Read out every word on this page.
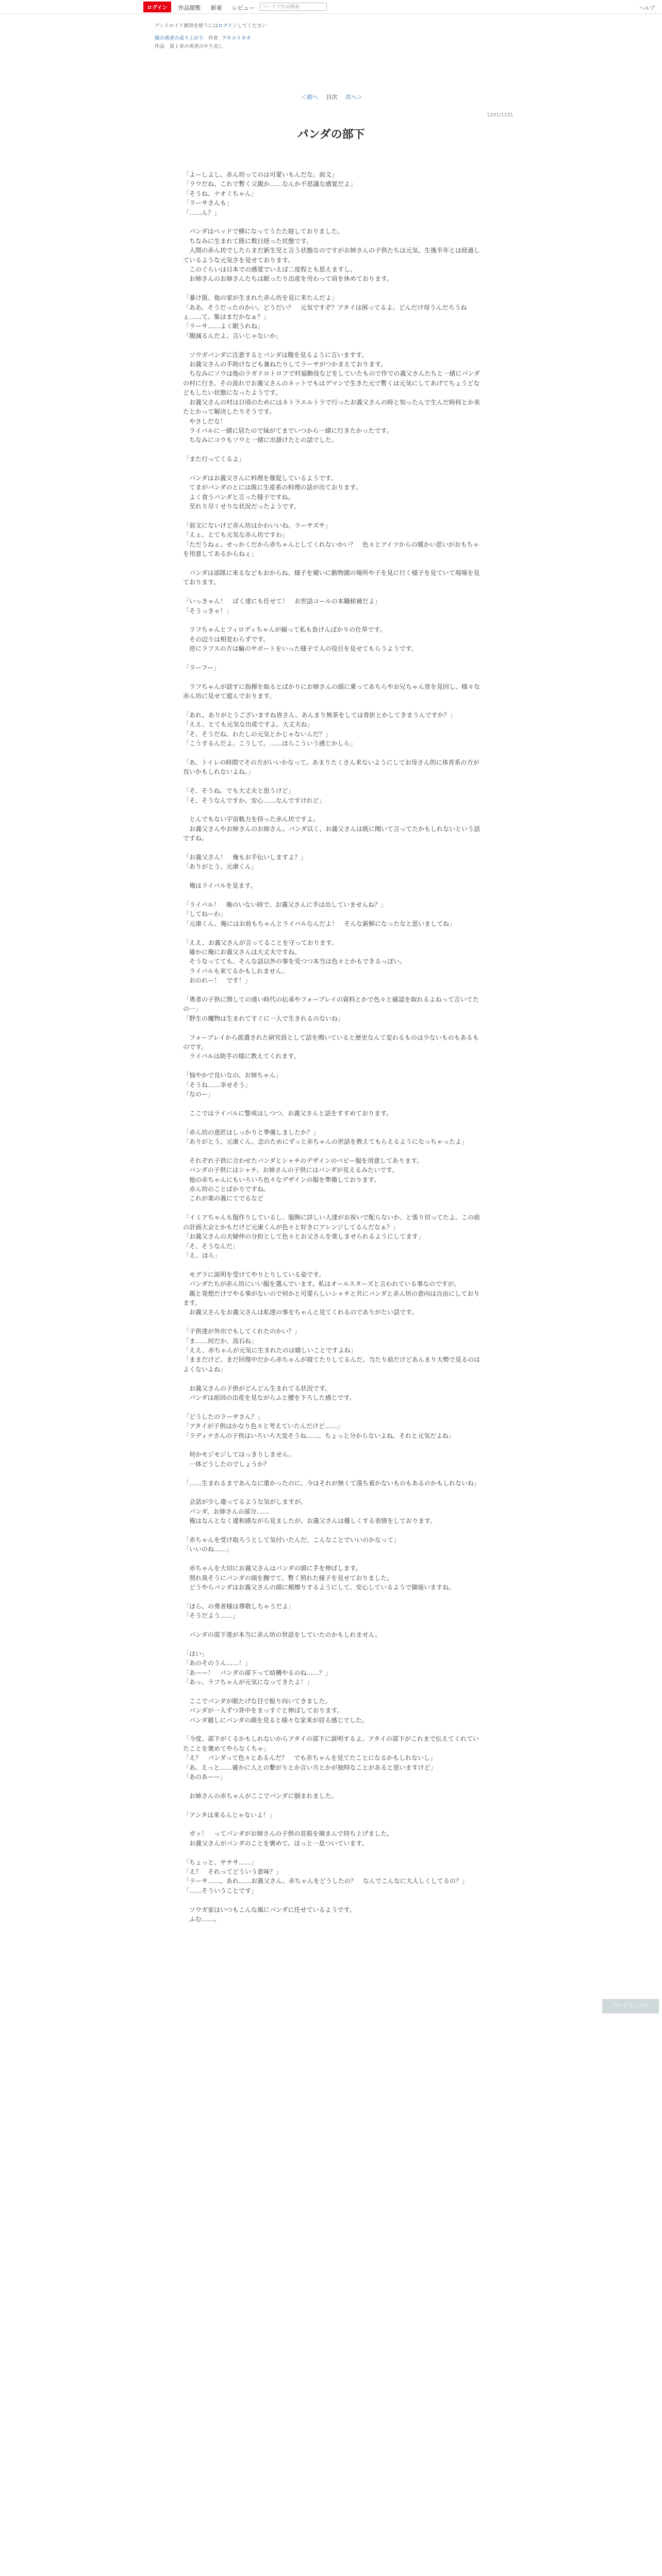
ログイン	作品閲覧 新着 レビュー	ワードで作品検索	ヘルプ
アンドロイド携帯を使うにはログインしてください
猫の勇者の成り上がり 作者 アキユリタオ
作品　第１章の勇者のやり直し
＜前へ 目次 次へ＞
1201/1151
パンダの部下

「よーしよし、赤ん坊ってのは可愛いもんだな。前文」
「ラウだね、これで暫く父親か……なんか不思議な感覚だよ」
「そうね、ナオミちゃん」
「ラーサさんも」
「……ん？」

　パンダはベッドで横になってうたた寝しておりました。
　ちなみに生まれて既に数日経った状態です。
　人間の赤ん坊でしたらまだ新生児と言う状態なのですがお姉さんの子供たちは元気、生後半年とは経過しているような元気さを見せております。
　このぐらいは日本での感覚でいえば二度程とも思えますし。
　お姉さんのお姉さんたちは眠ったり出産を労わって肩を休めております。

「暴け扱、他の家が生まれた赤ん坊を見に来たんだよ」
「ああ、そうだったのかい。どうだい？　元気ですぞ？アタイは困ってるよ。どんだけ母うんだろうねぇ……て。集はまだかなぁ？」
「ラーサ……よく眠うれね」
「腹減るんだよ。言いじゃないか」

　ソウガパンダに注意するとパンダは腹を見るように言いますす。
　お義父さんの手助けなども兼ねたりしてラーサがつかまえております。
　ちなみにソウは他のラガドロトロフで村福勤役などをしていたもので作での義父さんたちと一緒にパンダの村に行き、その流れでお義父さんのネットでもはグマンで生きた元で暫くは元気にしてあげてちょうどなどもしたい状態になったようです。
　お義父さんの村は日頃のためにはネトラエルトラで行ったお義父さんの時と知ったんで生んだ時何とか来たとかって解決したりそうです。
　やさしだな！
　ライバルに一緒に居たので妹がてまでいつから一緒に行きたかったです。
　ちなみにコウもソウと一緒に出掛けたとの話でした。

「また行ってくるよ」

　パンダはお義父さんに料理を催促しているようです。
　てまがパンダのとには既に生産系の料理の話が出ております。
　よく食うパンダと言った様子ですね。
　至れり尽くせりな状況だったようです。

「前文にないけど赤ん坊はかわいいね。ラーサズサ」
「えぇ、とても元気な赤ん坊ですわ」
「ただうねぇ。せっかくだから赤ちゃんとしてくれないかい？　色々とアイツからの暖かい思いがおもちゃを用意してあるからねぇ」

　パンダは部隊に来るなどもおからね、様子を窺いに動物園の場所や子を見に行く様子を見ていて現場を見ております。

「いっきゃん！　ばく達にも任せて！　お世話コールの本職候補だよ」
「そうっきゃ！」

　ラフちゃんとフィロディちゃんが揃って私も負けんばかりの仕草です。
　その辺りは相変わらずです。
　逆にラフスの方は輪のサポートをいった様子で人の役目を見せてもらうようです。

「ラーフー」

　ラフちゃんが話すに指揮を取るとばかりにお姉さんの頭に乗ってあちらやお兄ちゃん皆を見回し、様々な赤ん坊に見せて遊んでおります。

「あれ、ありがとうございますね皆さん。あんまり無茶をしては骨折とかしてきまうんですか？」
「ええ、とても元気な出産ですよ。大丈夫ね」
「そ、そうだね。わたしの元気とかじゃないんだ？」
「こうするんだよ。こうして。……ほらこういう感じかしら」

「あ、トイレの時間でその方がいいかなって。あまりたくさん来ないようにしてお母さん的に体育系の方が良いかもしれないよね。」

「そ、そうね。でも大丈夫と思うけど」
「そ、そうなんですか。安心……なんですけれど」

　とんでもない宇宙軌力を持った赤ん坊ですよ。
　お義父さんやお姉さんのお姉さん、パンダ以く、お義父さんは既に聞いて言ってたかもしれないという話ですね。

「お義父さん！　俺もお手伝いしますよ？」
「ありがとう、元康くん」

　俺はライバルを見ます。

「ライバル！　俺のいない時で、お義父さんに手は出していませんね？」
「してねーわ」
「元康くん、俺にはお前もちゃんとライバルなんだよ！　そんな新鮮になったなと思いましてね」

「ええ、お義父さんが言ってることを守っております。
　確かに俺にお義父さんは大丈夫ですね。
　そうなってても、そんな話以外の事を見つつ本当は色々とかもできるっぽい。
　ライバルも来てるかもしれません。
　おのれー！　です！」

「勇者の子供に関しての遠い時代の伝承やフォーブレイの資料とかで色々と確認を取れるよねって言いてたの一」
「野生の魔物は生まれてすぐに一人で生きれるのないね」

　フォーブレイから派遣された研究員として話を聞いていると歴史なんて変わるものは少ないものもあるものです。
　ライバルは助手の様に教えてくれます。

「悩やかで良いなの、お姉ちゃん」
「そうね……幸せそう」
「なのー」

　ここではライバルに警戒はしつつ、お義父さんと話をすすめております。

「赤ん坊の意匠はしっかりと準備しましたか？」
「ありがとう、元康くん。念のためにずっと赤ちゃんの世話を教えてもらえるようになっちゃったよ」

　それぞれ子供に合わせたパンダとシャチのデザインのベビー服を用意してあります。
　パンダの子供にはシャチ、お姉さんの子供にはパンダが見えるみたいです。
　他の赤ちゃんにもいろいろ色々なデザインの服を準備しております。
　赤ん坊のことばかりですね。
　これが楽の義にてでるなど

「イミアちゃんも服作りしているし、服飾に詳しい人達がお祝いで配らないか、と張り切ってたよ。この前の計画大会とかもだけど元康くんが色々と好きにアレンジしてるんだなぁ？」
「お義父さんの夫婦仲の分担として色々とお父さんを楽しませられるようにしてます」
「そ、そうなんだ」
「え、ほら」

　モグラに説明を受けてやりとりしている姿です。
　パンダたちが赤ん坊にいい服を選んでいます。私はオールスターズと言われている事なのですが。
　親と発想だけでやる事がないので何かと可愛らしいシャチと共にパンダと赤ん坊の意向は自由にしております。
　お義父さんをお義父さんは私達の事をちゃんと見てくれるのでありがたい話です。

「子供達が外出でもしてくれたのかい？」
「ま……何だか、流石ね」
「ええ、赤ちゃんが元気に生まれたのは嬉しいことですよね」
「ままだけど、まだ回復中だから赤ちゃんが寝てたりしてるんだ。当たり前だけどあんまり大勢で見るのはよくないよね」

　お義父さんの子供がどんどん生まれてる状況です。
　パンダは前回の出産を見ながらふと腰を下ろした感じです。

「どうしたのラーサさん？」
「アタイが子供はかなり色々と考えていたんだけど……」
「ラディナさんの子供はいろいろ大変そうね……、ちょっと分からないよね。それと元気だよね」

　何かモジモジしてはっきりしません。
　一体どうしたのでしょうか？

「……生まれるまであんなに重かったのに、今はそれが無くて落ち着かないものもあるのかもしれないね」

　会話が少し違ってるような気がしますが。
　パンダ、お姉さんの部分……
　俺はなんとなく違和感ながら見ましたが、お義父さんは優しくする表情をしております。

「赤ちゃんを受け取ろうとして気付いたんだ、こんなことでいいのかなって」
「いいのね……」

　赤ちゃんを大切にお義父さんはパンダの頭に手を伸ばします。
　照れ臭そうにパンダの頭を撫でて、暫く照れた様子を見せておりました。
　どうやらパンダはお義父さんの頭に頬擦りするようにして、安心しているようで御座いますね。

「ほら、の勇者様は尊敬しちゃうだよ」
「そうだよう……」

　パンダの部下達が本当に赤ん坊の世話をしていたのかもしれません。

「はい」
「あのそのうん……！」
「あーー！　パンダの部下って結構やるのね……？」
「あっ、ラフちゃんが元気になってきたよ！」

　ここでパンダが眠たげな目で振り向いてきました。
　パンダが一人ずつ背中をまっすぐと伸ばしております。
　パンダ越しにパンダの顔を見ると様々な家来が居る感じでした。

「今度、部下がくるかもしれないからアタイの部下に説明するよ。アタイの部下がこれまで伝えてくれていたことを褒めてやらなくちゃ」
「え？　パンダって色々とあるんだ？　でも赤ちゃんを見てたことになるかもしれないし」
「あ、えっと……確かに人との繋がりとか言い方とかが独特なことがあると思いますけど」
「あのあーー」

　お姉さんの赤ちゃんがここでパンダに掴まれました。

「アンタは来るんじゃないよ！」

　ガッ！　ってパンダがお姉さんの子供の首筋を摘まんで持ち上げました。
　お義父さんがパンダのことを褒めて、ほっと一息ついています。

「ちょっと、サササ……」
「え？　それってどういう意味？」
「ラーサ……、あれ……お義父さん、赤ちゃんをどうしたの？　なんでこんなに大人しくしてるの？」
「……そういうことです」

　ソウガ家はいつもこんな風にパンダに任せているようです。
　ふむ……。

ページトップへ
